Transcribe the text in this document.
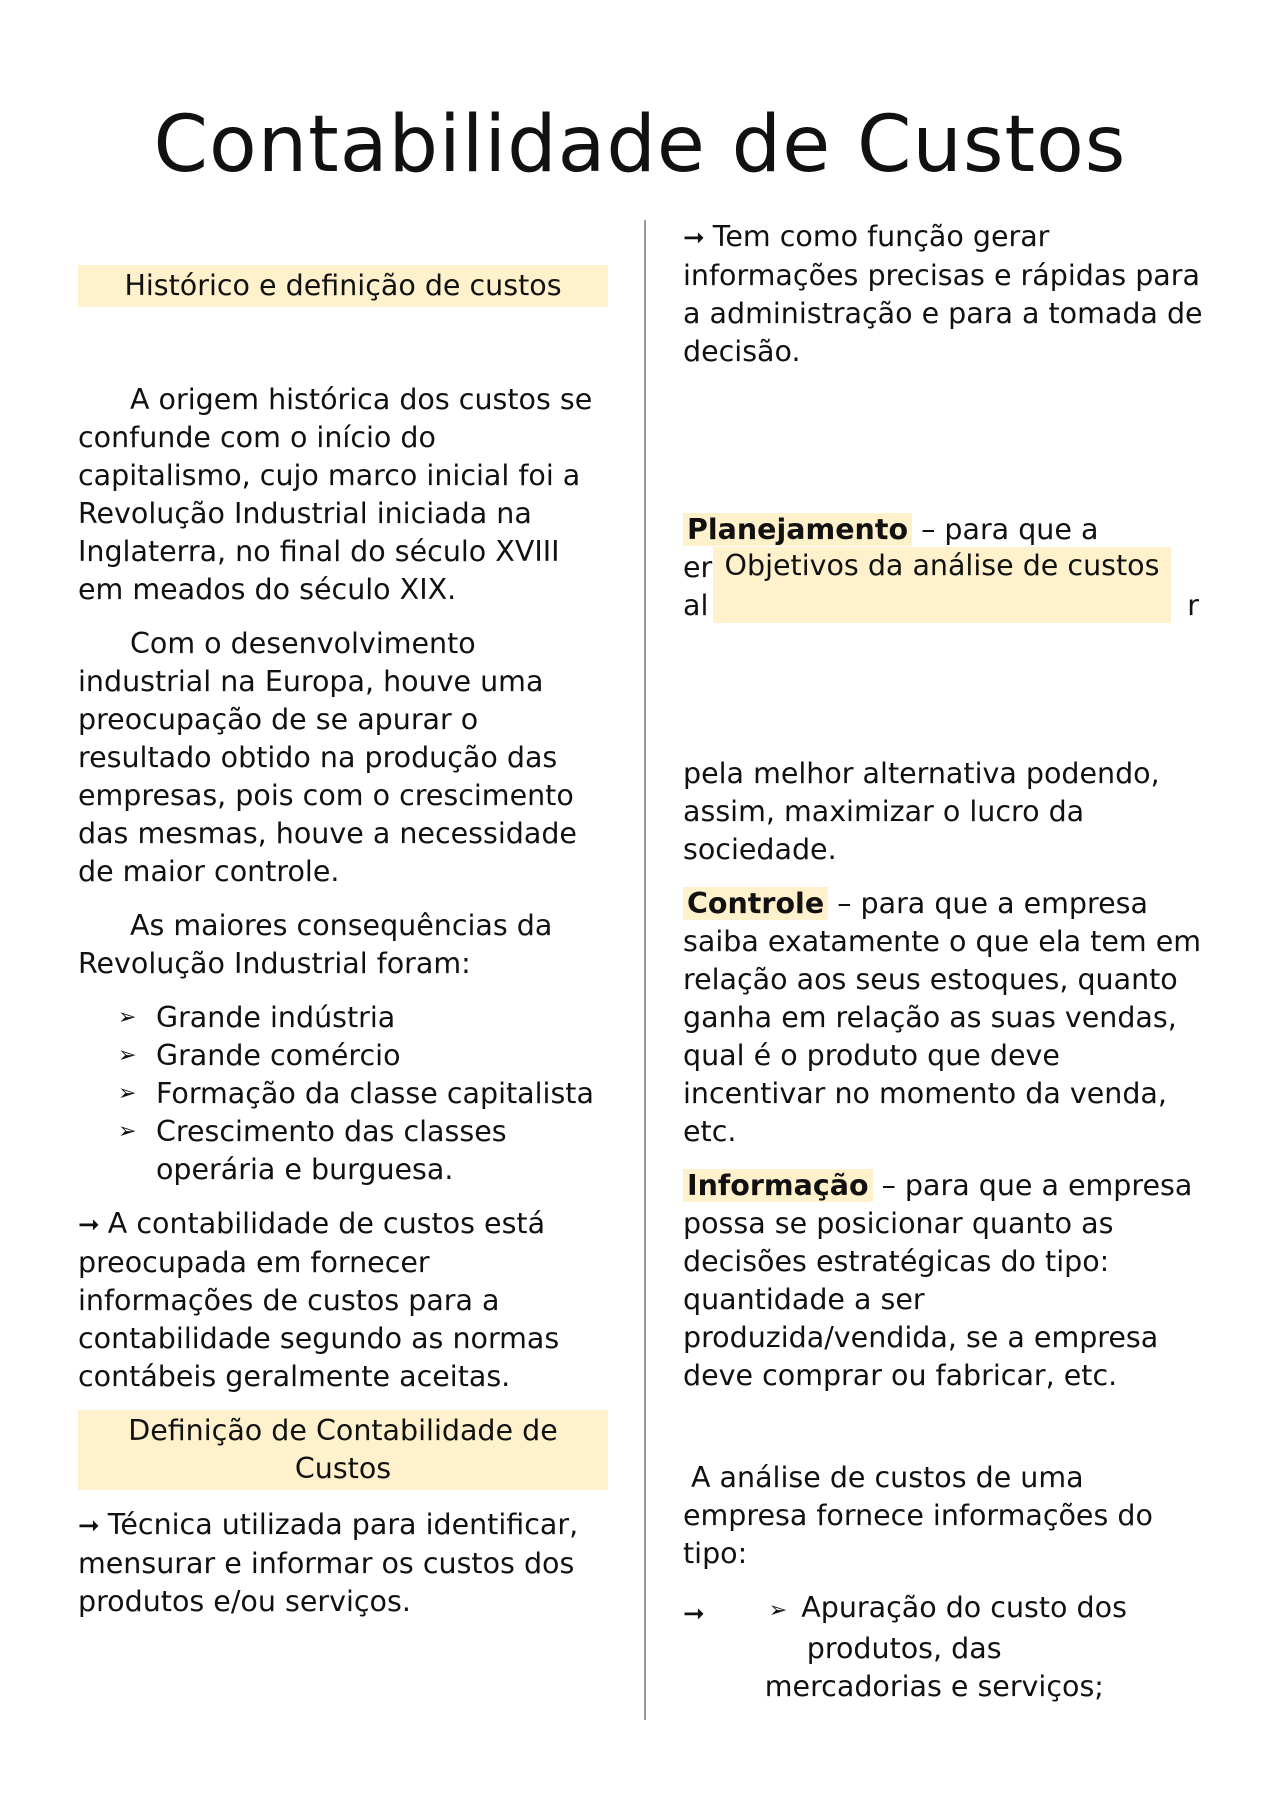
Contabilidade de Custos
Histórico e definição de custos

A origem histórica dos custos se confunde com o início do capitalismo, cujo marco inicial foi a Revolução Industrial iniciada na Inglaterra, no final do século XVIII em meados do século XIX.

Com o desenvolvimento industrial na Europa, houve uma preocupação de se apurar o resultado obtido na produção das empresas, pois com o crescimento das mesmas, houve a necessidade de maior controle.

As maiores consequências da Revolução Industrial foram:

➢ Grande indústria
➢ Grande comércio
➢ Formação da classe capitalista
➢ Crescimento das classes operária e burguesa.

➞ A contabilidade de custos está preocupada em fornecer informações de custos para a contabilidade segundo as normas contábeis geralmente aceitas.

Definição de Contabilidade de Custos

➞ Técnica utilizada para identificar, mensurar e informar os custos dos produtos e/ou serviços.

➞ Tem como função gerar informações precisas e rápidas para a administração e para a tomada de decisão.

Planejamento – para que a

er

al	r

pela melhor alternativa podendo, assim, maximizar o lucro da sociedade.

Controle – para que a empresa saiba exatamente o que ela tem em relação aos seus estoques, quanto ganha em relação as suas vendas, qual é o produto que deve incentivar no momento da venda, etc.

Informação – para que a empresa possa se posicionar quanto as decisões estratégicas do tipo: quantidade a ser produzida/vendida, se a empresa deve comprar ou fabricar, etc.

A análise de custos de uma empresa fornece informações do tipo:

➞	➢ Apuração do custo dos
produtos, das
mercadorias e serviços;
Objetivos da análise de custos
